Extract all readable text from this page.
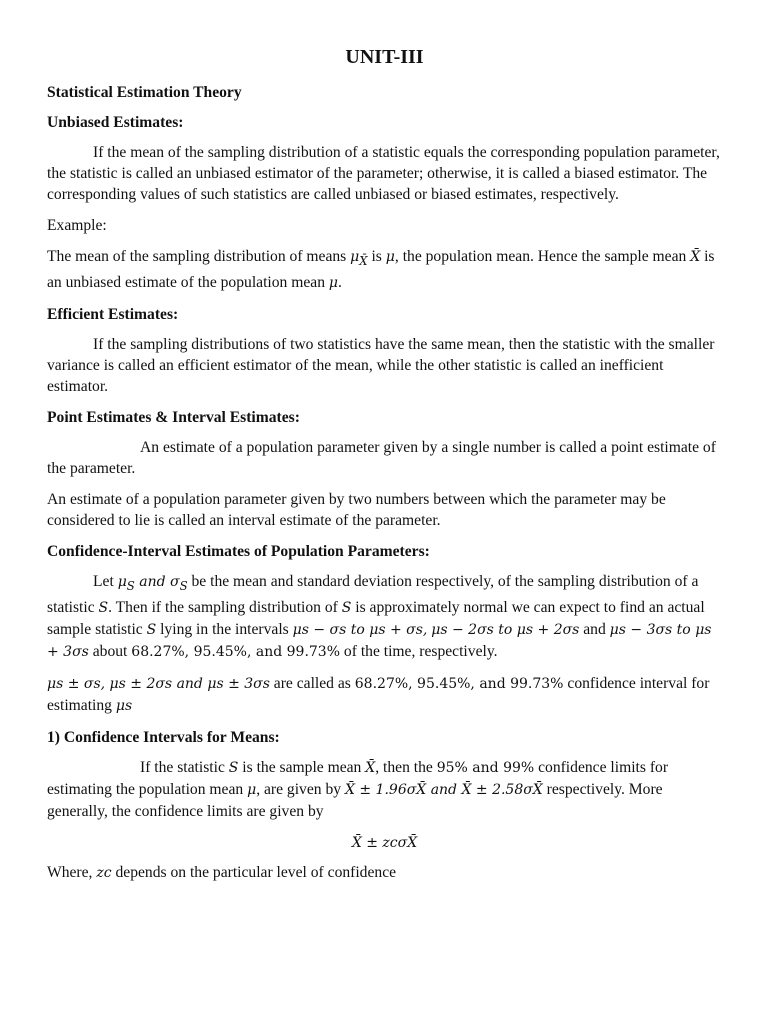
UNIT-III
Statistical Estimation Theory
Unbiased Estimates:

If the mean of the sampling distribution of a statistic equals the corresponding population parameter, the statistic is called an unbiased estimator of the parameter; otherwise, it is called a biased estimator. The corresponding values of such statistics are called unbiased or biased estimates, respectively.

Example:

The mean of the sampling distribution of means $\mu_{X̄}$ is μ, the population mean. Hence the sample mean X̄ is an unbiased estimate of the population mean μ.

Efficient Estimates:

If the sampling distributions of two statistics have the same mean, then the statistic with the smaller variance is called an efficient estimator of the mean, while the other statistic is called an inefficient estimator.

Point Estimates & Interval Estimates:

An estimate of a population parameter given by a single number is called a point estimate of the parameter.

An estimate of a population parameter given by two numbers between which the parameter may be considered to lie is called an interval estimate of the parameter.

Confidence-Interval Estimates of Population Parameters:

Let $\mu_S$ and $\sigma_S$ be the mean and standard deviation respectively, of the sampling distribution of a statistic S. Then if the sampling distribution of S is approximately normal we can expect to find an actual sample statistic S lying in the intervals μs − σs to μs + σs, μs − 2σs to μs + 2σs and μs − 3σs to μs + 3σs about 68.27%, 95.45%, and 99.73% of the time, respectively.

μs ± σs, μs ± 2σs and μs ± 3σs are called as 68.27%, 95.45%, and 99.73% confidence interval for estimating μs

1) Confidence Intervals for Means:

If the statistic S is the sample mean X̄, then the 95% and 99% confidence limits for estimating the population mean μ, are given by X̄ ± 1.96σX̄ and X̄ ± 2.58σX̄ respectively. More generally, the confidence limits are given by

X̄ ± zcσX̄

Where, zc depends on the particular level of confidence
